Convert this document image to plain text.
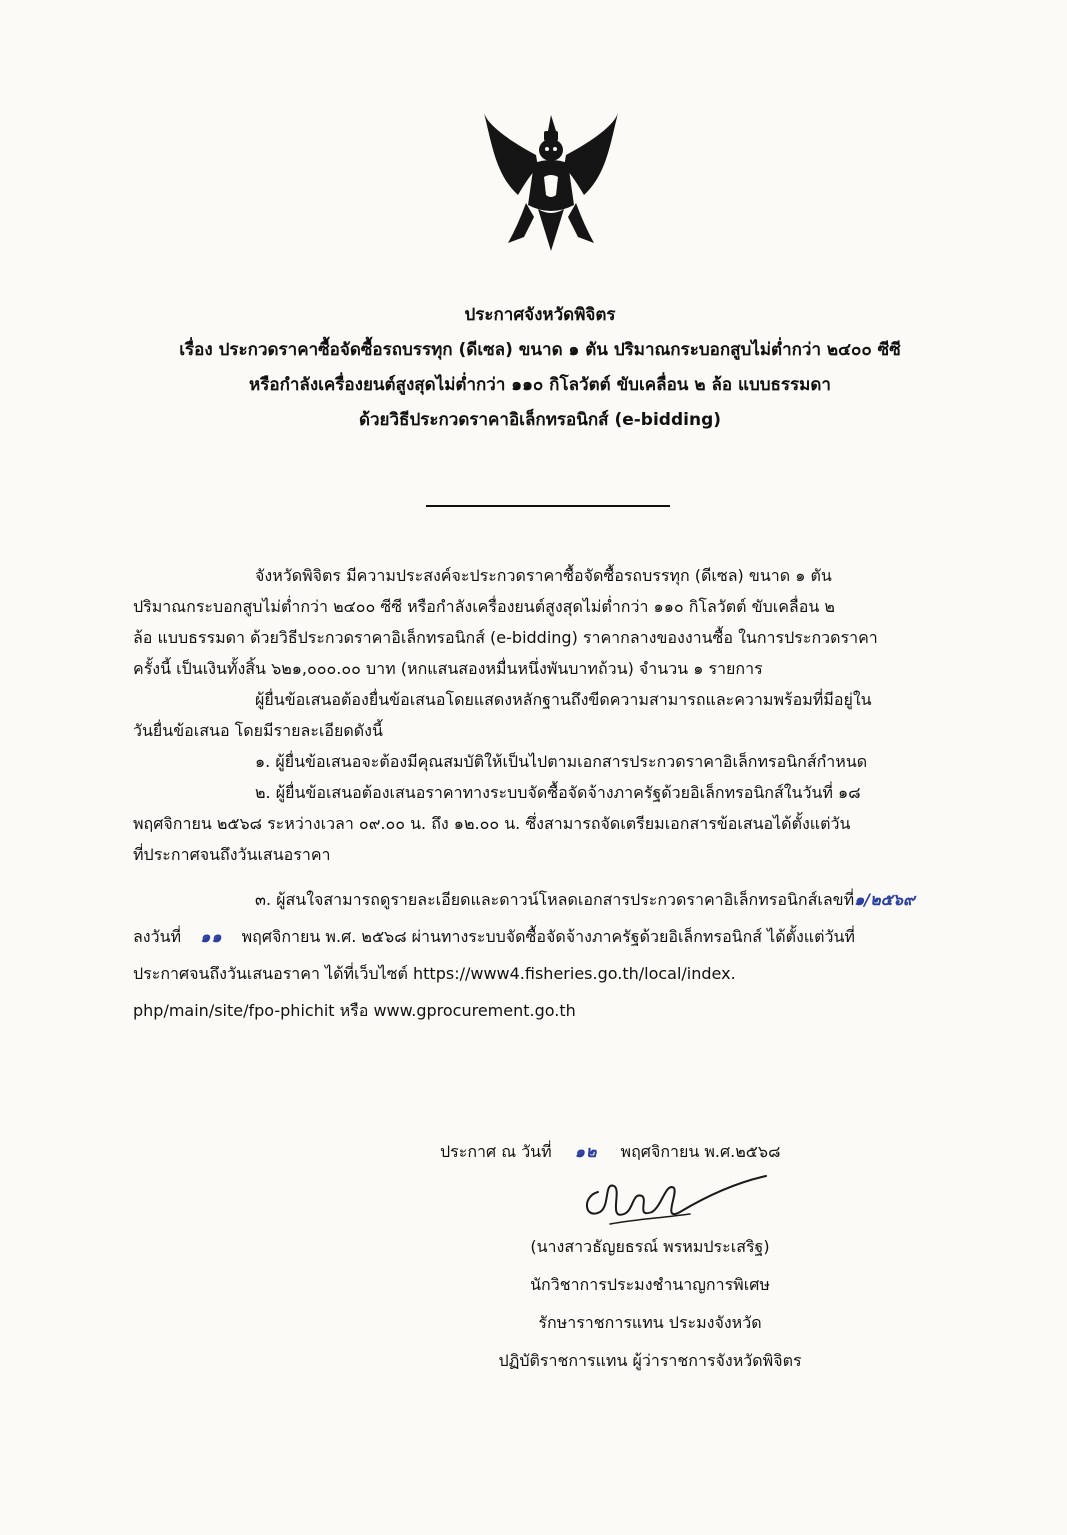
ประกาศจังหวัดพิจิตร
เรื่อง ประกวดราคาซื้อจัดซื้อรถบรรทุก (ดีเซล) ขนาด ๑ ตัน ปริมาณกระบอกสูบไม่ต่ำกว่า ๒๔๐๐ ซีซี
หรือกำลังเครื่องยนต์สูงสุดไม่ต่ำกว่า ๑๑๐ กิโลวัตต์ ขับเคลื่อน ๒ ล้อ แบบธรรมดา
ด้วยวิธีประกวดราคาอิเล็กทรอนิกส์ (e-bidding)
จังหวัดพิจิตร มีความประสงค์จะประกวดราคาซื้อจัดซื้อรถบรรทุก (ดีเซล) ขนาด ๑ ตัน
ปริมาณกระบอกสูบไม่ต่ำกว่า ๒๔๐๐ ซีซี หรือกำลังเครื่องยนต์สูงสุดไม่ต่ำกว่า ๑๑๐ กิโลวัตต์ ขับเคลื่อน ๒
ล้อ แบบธรรมดา ด้วยวิธีประกวดราคาอิเล็กทรอนิกส์ (e-bidding) ราคากลางของงานซื้อ ในการประกวดราคา
ครั้งนี้ เป็นเงินทั้งสิ้น ๖๒๑,๐๐๐.๐๐ บาท (หกแสนสองหมื่นหนึ่งพันบาทถ้วน) จำนวน ๑ รายการ
ผู้ยื่นข้อเสนอต้องยื่นข้อเสนอโดยแสดงหลักฐานถึงขีดความสามารถและความพร้อมที่มีอยู่ใน
วันยื่นข้อเสนอ โดยมีรายละเอียดดังนี้
๑. ผู้ยื่นข้อเสนอจะต้องมีคุณสมบัติให้เป็นไปตามเอกสารประกวดราคาอิเล็กทรอนิกส์กำหนด
๒. ผู้ยื่นข้อเสนอต้องเสนอราคาทางระบบจัดซื้อจัดจ้างภาครัฐด้วยอิเล็กทรอนิกส์ในวันที่ ๑๘
พฤศจิกายน ๒๕๖๘ ระหว่างเวลา ๐๙.๐๐ น. ถึง ๑๒.๐๐ น. ซึ่งสามารถจัดเตรียมเอกสารข้อเสนอได้ตั้งแต่วัน
ที่ประกาศจนถึงวันเสนอราคา
๓. ผู้สนใจสามารถดูรายละเอียดและดาวน์โหลดเอกสารประกวดราคาอิเล็กทรอนิกส์เลขที่๑/๒๕๖๙
ลงวันที่ ๑๑ พฤศจิกายน พ.ศ. ๒๕๖๘ ผ่านทางระบบจัดซื้อจัดจ้างภาครัฐด้วยอิเล็กทรอนิกส์ ได้ตั้งแต่วันที่
ประกาศจนถึงวันเสนอราคา ได้ที่เว็บไซต์ https://www4.fisheries.go.th/local/index.
php/main/site/fpo-phichit หรือ www.gprocurement.go.th
ประกาศ ณ วันที่ ๑๒ พฤศจิกายน พ.ศ.๒๕๖๘
(นางสาวธัญยธรณ์ พรหมประเสริฐ)
นักวิชาการประมงชำนาญการพิเศษ
รักษาราชการแทน ประมงจังหวัด
ปฏิบัติราชการแทน ผู้ว่าราชการจังหวัดพิจิตร
